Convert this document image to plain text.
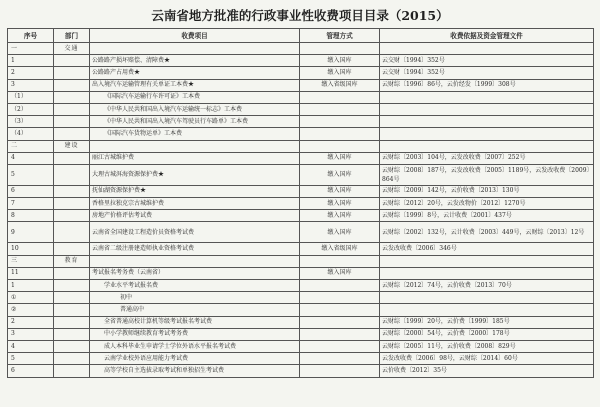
云南省地方批准的行政事业性收费项目目录（2015）
序号	部门	收费项目	管理方式	收费依据及资金管理文件
一	交通			
1		公路路产损坏赔偿、清障费★	缴入国库	云交财〔1994〕352号
2		公路路产占用费★	缴入国库	云交财〔1994〕352号
3		出入境汽车运输管理有关单证工本费★	缴入省级国库	云财综〔1996〕86号，云价经发〔1999〕308号
（1）		《国际汽车运输行车许可证》工本费		
（2）		《中华人民共和国出入境汽车运输统一标志》工本费		
（3）		《中华人民共和国出入境汽车驾驶员行车路单》工本费		
（4）		《国际汽车货物运单》工本费		
二	建设			
4		丽江古城维护费	缴入国库	云财综〔2003〕104号，云发改收费〔2007〕252号
5		大理古城洱海资源保护费★	缴入国库	云财综〔2008〕187号，云发改收费〔2005〕1189号，云发改收费〔2009〕864号
6		抚仙湖资源保护费★	缴入国库	云财综〔2009〕142号，云价收费〔2013〕130号
7		香格里拉独克宗古城维护费	缴入国库	云财综〔2012〕20号，云发改物价〔2012〕1270号
8		房地产价格评估考试费	缴入国库	云财综〔1999〕8号，云计收费〔2001〕437号
9		云南省全国建设工程造价员资格考试费	缴入国库	云财综〔2002〕132号，云计收费〔2003〕449号，云财综〔2013〕12号
10		云南省二级注册建造师执业资格考试费	缴入省级国库	云发改收费〔2006〕346号
三	教育			
11		考试报名考务费（云南省）	缴入国库	
1		学业水平考试报名费		云财综〔2012〕74号，云价收费〔2013〕70号
①		初中		
②		普通高中		
2		全省普通高校计算机等级考试报名考试费		云财综〔1999〕20号，云价费〔1999〕185号
3		中小学教师继续教育考试考务费		云财综〔2000〕54号，云价费〔2000〕178号
4		成人本科毕业生申请学士学位外语水平报名考试费		云财综〔2005〕11号，云价收费〔2008〕829号
5		云南学业校外语应用能力考试费		云发改收费〔2006〕98号，云财综〔2014〕60号
6		高等学校自主选拔录取考试和单独招生考试费		云价收费〔2012〕35号
